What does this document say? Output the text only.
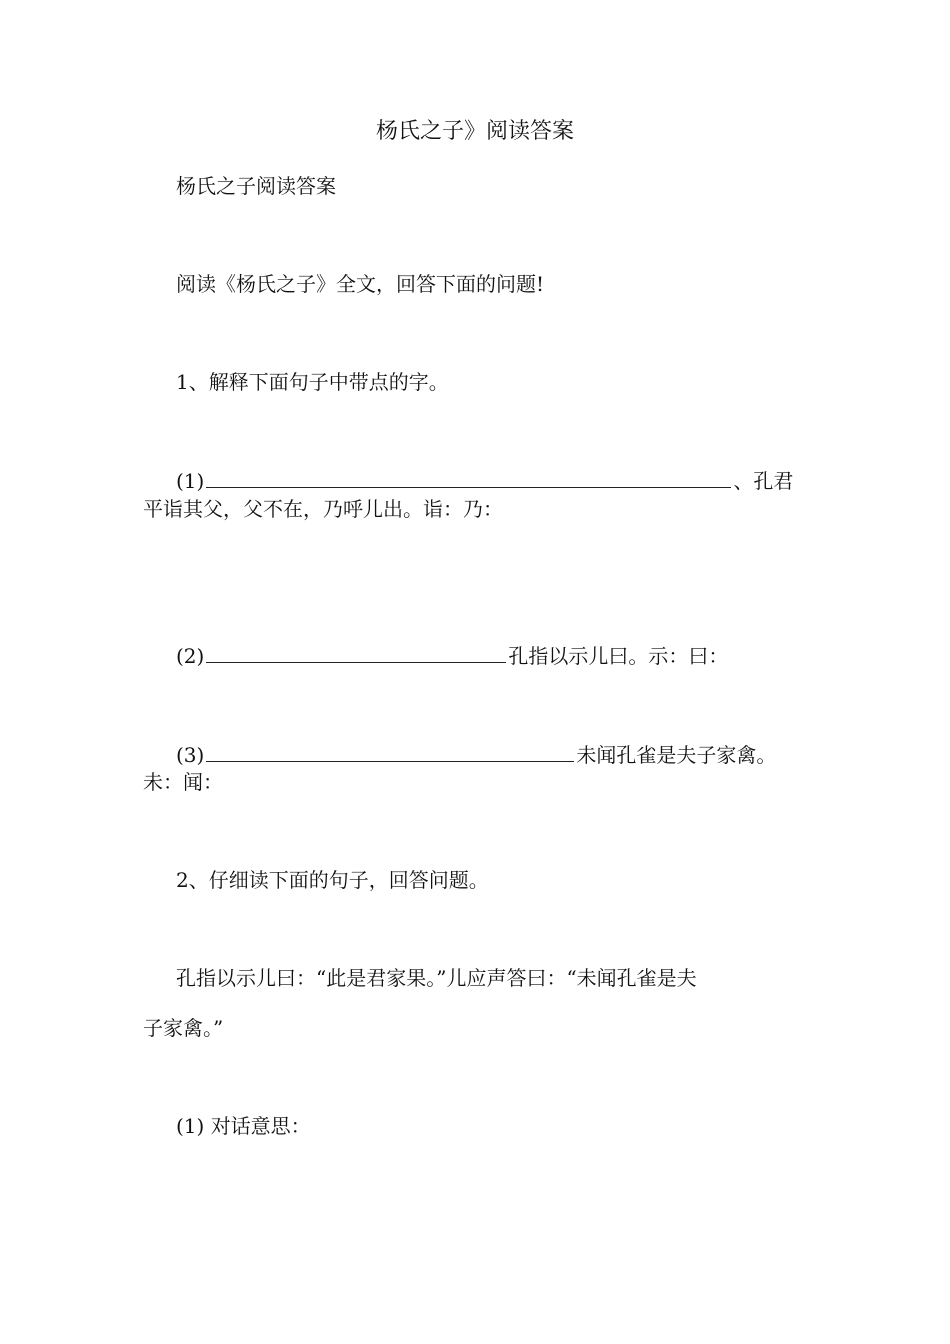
杨氏之子》阅读答案
杨氏之子阅读答案
阅读《杨氏之子》全文，回答下面的问题!
1、解释下面句子中带点的字。
(1)	、孔君
平诣其父，父不在，乃呼儿出。诣：乃：
(2)	孔指以示儿曰。示：曰：
(3)	未闻孔雀是夫子家禽。
未：闻：
2、仔细读下面的句子，回答问题。
孔指以示儿曰：“此是君家果。”儿应声答曰：“未闻孔雀是夫
子家禽。”
(1) 对话意思：
